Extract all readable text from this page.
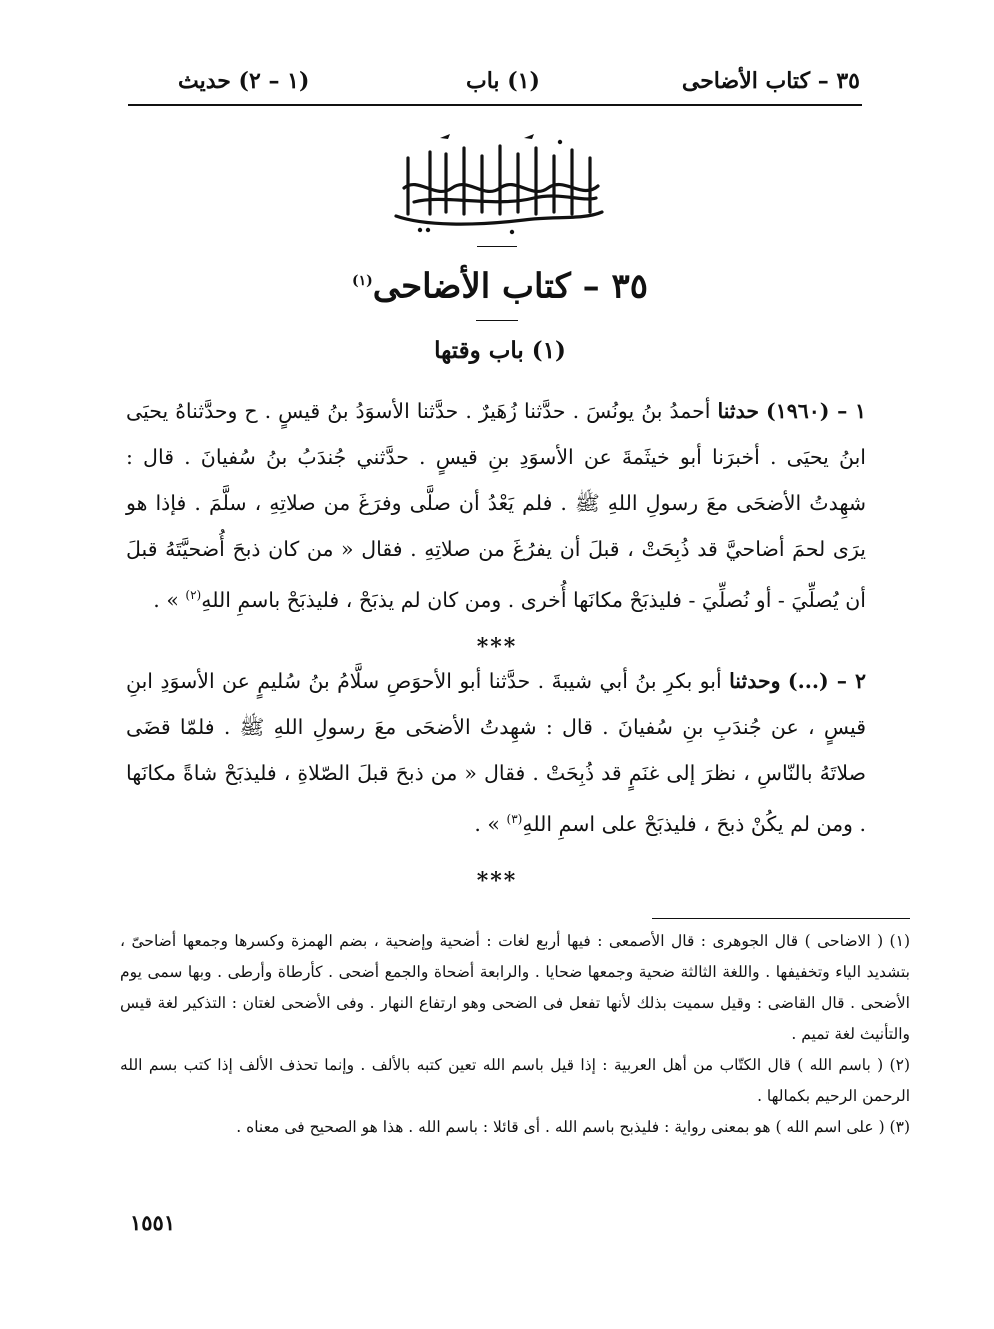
٣٥ – كتاب الأضاحى
(١) باب
(١ – ٢) حديث
٣٥ – كتاب الأضاحى$^{(١)}$
(١) باب وقتها
١ – (١٩٦٠) حدثنا أحمدُ بنُ يونُسَ . حدَّثنا زُهَيرٌ . حدَّثنا الأسوَدُ بنُ قيسٍ . ح وحدَّثناهُ يحيَى ابنُ يحيَى . أخبرَنا أبو خيثَمةَ عن الأسوَدِ بنِ قيسٍ . حدَّثني جُندَبُ بنُ سُفيانَ . قال : شهِدتُ الأضحَى معَ رسولِ اللهِ ﷺ . فلم يَعْدُ أن صلَّى وفرَغَ من صلاتِهِ ، سلَّمَ . فإذا هو يرَى لحمَ أضاحيَّ قد ذُبِحَتْ ، قبلَ أن يفرُغَ من صلاتِهِ . فقال « من كان ذبحَ أُضحيَّتَهُ قبلَ أن يُصلِّيَ - أو نُصلِّيَ - فليذبَحْ مكانَها أُخرى . ومن كان لم يذبَحْ ، فليذبَحْ باسمِ اللهِ$^{(٢)}$ » .
***
٢ – (...) وحدثنا أبو بكرِ بنُ أبي شيبةَ . حدَّثنا أبو الأحوَصِ سلَّامُ بنُ سُليمٍ عن الأسوَدِ ابنِ قيسٍ ، عن جُندَبِ بنِ سُفيانَ . قال : شهِدتُ الأضحَى معَ رسولِ اللهِ ﷺ . فلمّا قضَى صلاتَهُ بالنّاسِ ، نظرَ إلى غنَمٍ قد ذُبِحَتْ . فقال « من ذبحَ قبلَ الصّلاةِ ، فليذبَحْ شاةً مكانَها . ومن لم يكُنْ ذبحَ ، فليذبَحْ على اسمِ اللهِ$^{(٣)}$ » .
***

(١) ( الاضاحى ) قال الجوهرى : قال الأصمعى : فيها أربع لغات : أضحية وإضحية ، بضم الهمزة وكسرها وجمعها أضاحىّ ، بتشديد الياء وتخفيفها . واللغة الثالثة ضحية وجمعها ضحايا . والرابعة أضحاة والجمع أضحى . كأرطاة وأرطى . وبها سمى يوم الأضحى . قال القاضى : وقيل سميت بذلك لأنها تفعل فى الضحى وهو ارتفاع النهار . وفى الأضحى لغتان : التذكير لغة قيس والتأنيث لغة تميم .

(٢) ( باسم الله ) قال الكتّاب من أهل العربية : إذا قيل باسم الله تعين كتبه بالألف . وإنما تحذف الألف إذا كتب بسم الله الرحمن الرحيم بكمالها .

(٣) ( على اسم الله ) هو بمعنى رواية : فليذبح باسم الله . أى قائلا : باسم الله . هذا هو الصحيح فى معناه .

١٥٥١
